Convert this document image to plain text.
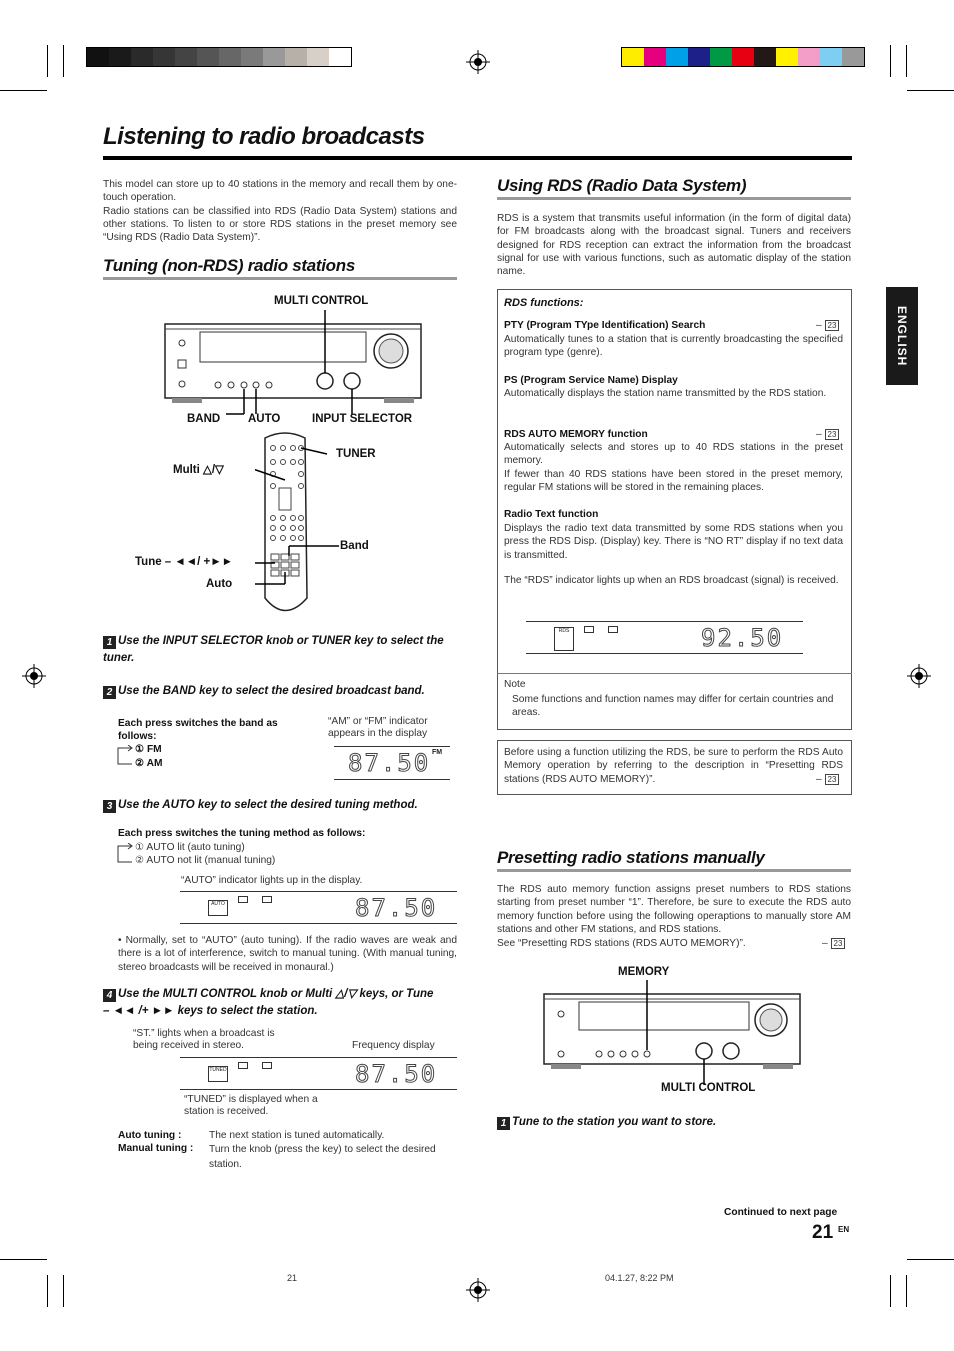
Listening to radio broadcasts
This model can store up to 40 stations in the memory and recall them by one-touch operation.
Radio stations can be classified into RDS (Radio Data System) stations and other stations. To listen to or store RDS stations in the preset memory see “Using RDS (Radio Data System)”.
Tuning (non-RDS) radio stations
MULTI CONTROL
BAND AUTO	INPUT SELECTOR
TUNER
Multi △/▽
Band
Tune – ◄◄/ +►►
Auto
1 Use the INPUT SELECTOR knob or TUNER key to select the tuner.
2 Use the BAND key to select the desired broadcast band.
Each press switches the band as follows:
① FM
② AM
“AM” or “FM” indicator appears in the display
87.50 FM
3 Use the AUTO key to select the desired tuning method.
Each press switches the tuning method as follows:
① AUTO lit (auto tuning)
② AUTO not lit (manual tuning)
“AUTO” indicator lights up in the display.
AUTO	87.50
• Normally, set to “AUTO” (auto tuning). If the radio waves are weak and there is a lot of interference, switch to manual tuning. (With manual tuning, stereo broadcasts will be received in monaural.)
4 Use the MULTI CONTROL knob or Multi △/▽ keys, or Tune
– ◄◄ /+ ►► keys to select the station.
“ST.” lights when a broadcast is being received in stereo.	Frequency display
TUNED	87.50
“TUNED” is displayed when a station is received.
Auto tuning :	The next station is tuned automatically.
Manual tuning : Turn the knob (press the key) to select the desired station.
Using RDS (Radio Data System)
RDS is a system that transmits useful information (in the form of digital data) for FM broadcasts along with the broadcast signal. Tuners and receivers designed for RDS reception can extract the information from the broadcast signal for use with various functions, such as automatic display of the station name.
RDS functions:
PTY (Program TYpe Identification) Search	– 23
Automatically tunes to a station that is currently broadcasting the specified program type (genre).
PS (Program Service Name) Display
Automatically displays the station name transmitted by the RDS station.
RDS AUTO MEMORY function	– 23
Automatically selects and stores up to 40 RDS stations in the preset memory.
If fewer than 40 RDS stations have been stored in the preset memory, regular FM stations will be stored in the remaining places.
Radio Text function
Displays the radio text data transmitted by some RDS stations when you press the RDS Disp. (Display) key. There is “NO RT” display if no text data is transmitted.
The “RDS” indicator lights up when an RDS broadcast (signal) is received.
RDS	92.50
Note
Some functions and function names may differ for certain countries and areas.
Before using a function utilizing the RDS, be sure to perform the RDS Auto Memory operation by referring to the description in “Presetting RDS stations (RDS AUTO MEMORY)”.	– 23
Presetting radio stations manually
The RDS auto memory function assigns preset numbers to RDS stations starting from preset number “1”. Therefore, be sure to execute the RDS auto memory function before using the following operaptions to manually store AM stations and other FM stations, and RDS stations.
See “Presetting RDS stations (RDS AUTO MEMORY)”.	– 23
MEMORY
MULTI CONTROL
1 Tune to the station you want to store.
ENGLISH
Continued to next page
21 EN
21	04.1.27, 8:22 PM
